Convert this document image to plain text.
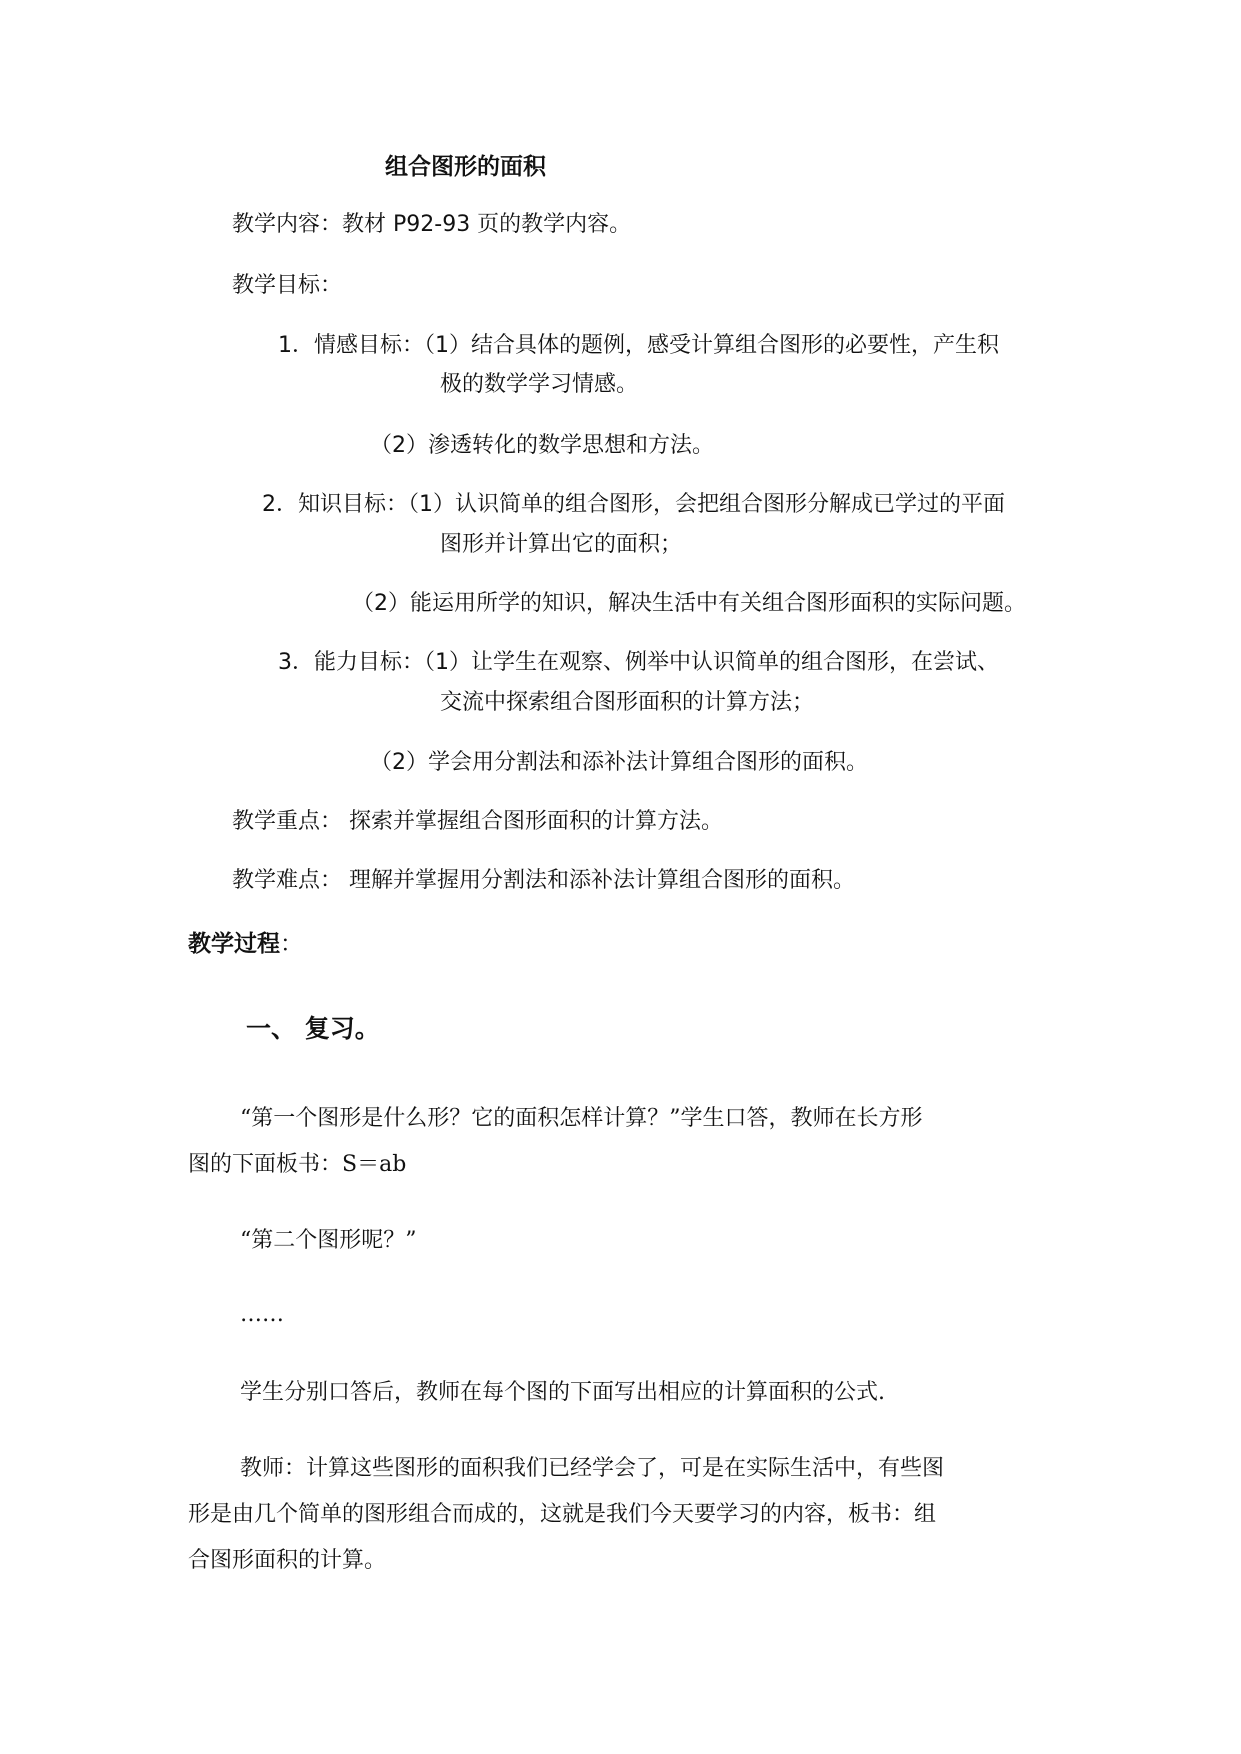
组合图形的面积
教学内容：教材 P92-93 页的教学内容。
教学目标：
1．情感目标：（1）结合具体的题例，感受计算组合图形的必要性，产生积
极的数学学习情感。
（2）渗透转化的数学思想和方法。
2．知识目标：（1）认识简单的组合图形，会把组合图形分解成已学过的平面
图形并计算出它的面积；
（2）能运用所学的知识，解决生活中有关组合图形面积的实际问题。
3．能力目标：（1）让学生在观察、例举中认识简单的组合图形，在尝试、
交流中探索组合图形面积的计算方法；
（2）学会用分割法和添补法计算组合图形的面积。
教学重点： 探索并掌握组合图形面积的计算方法。
教学难点： 理解并掌握用分割法和添补法计算组合图形的面积。
教学过程：
一、 复习。
“第一个图形是什么形？它的面积怎样计算？”学生口答，教师在长方形
图的下面板书：S＝ab
“第二个图形呢？”
……
学生分别口答后，教师在每个图的下面写出相应的计算面积的公式.
教师：计算这些图形的面积我们已经学会了，可是在实际生活中，有些图
形是由几个简单的图形组合而成的，这就是我们今天要学习的内容，板书：组
合图形面积的计算。
